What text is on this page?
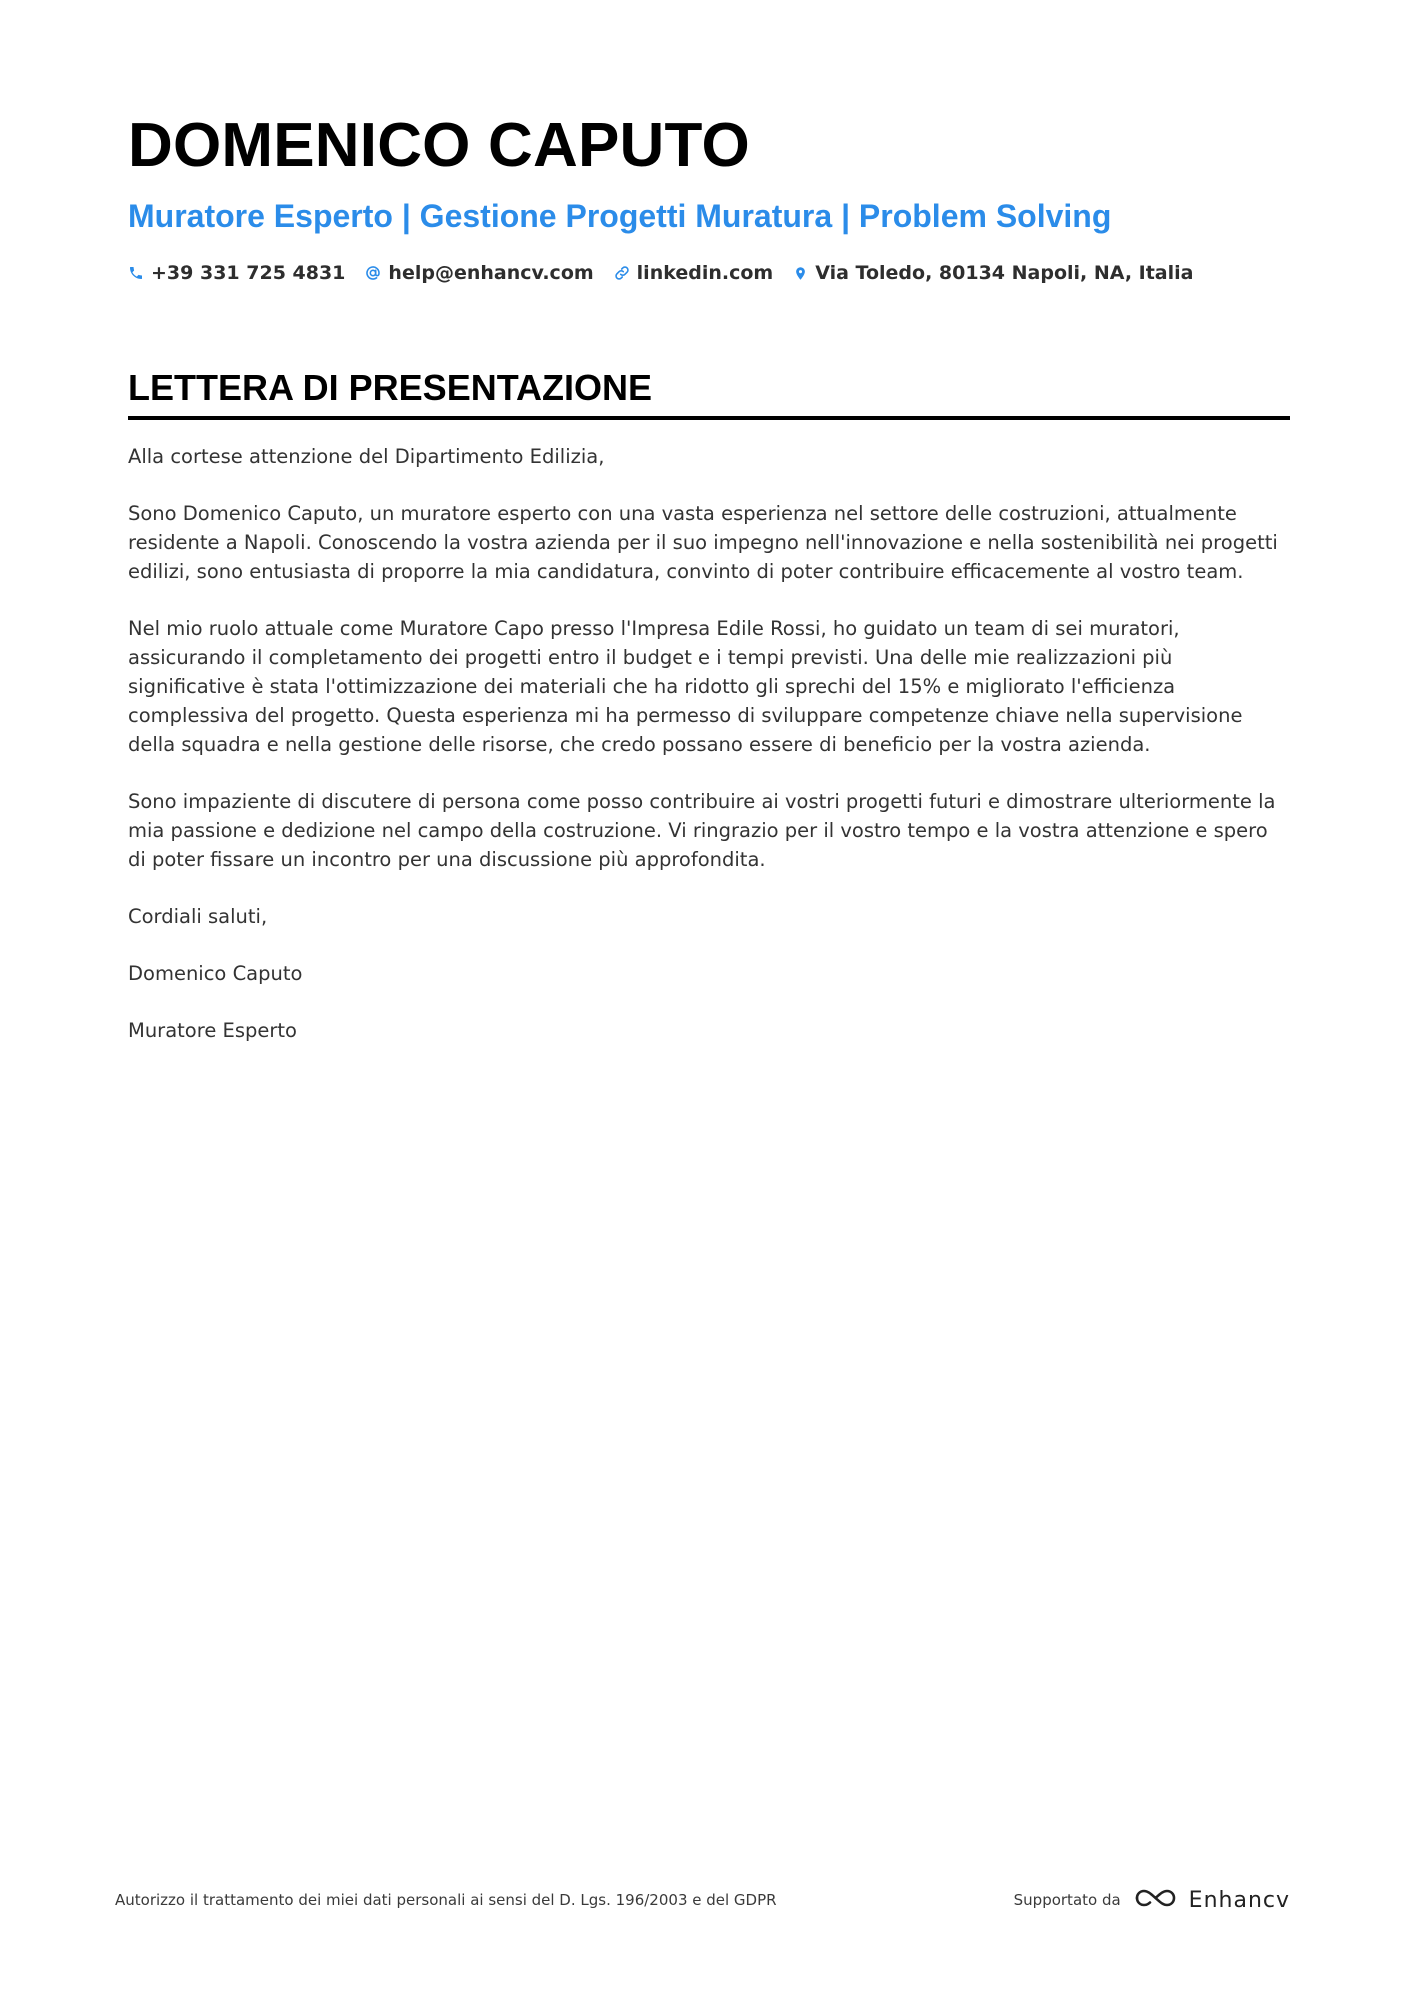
DOMENICO CAPUTO
Muratore Esperto | Gestione Progetti Muratura | Problem Solving
+39 331 725 4831 help@enhancv.com linkedin.com Via Toledo, 80134 Napoli, NA, Italia
LETTERA DI PRESENTAZIONE

Alla cortese attenzione del Dipartimento Edilizia,

Sono Domenico Caputo, un muratore esperto con una vasta esperienza nel settore delle costruzioni, attualmente residente a Napoli. Conoscendo la vostra azienda per il suo impegno nell'innovazione e nella sostenibilità nei progetti edilizi, sono entusiasta di proporre la mia candidatura, convinto di poter contribuire efficacemente al vostro team.

Nel mio ruolo attuale come Muratore Capo presso l'Impresa Edile Rossi, ho guidato un team di sei muratori, assicurando il completamento dei progetti entro il budget e i tempi previsti. Una delle mie realizzazioni più significative è stata l'ottimizzazione dei materiali che ha ridotto gli sprechi del 15% e migliorato l'efficienza complessiva del progetto. Questa esperienza mi ha permesso di sviluppare competenze chiave nella supervisione della squadra e nella gestione delle risorse, che credo possano essere di beneficio per la vostra azienda.

Sono impaziente di discutere di persona come posso contribuire ai vostri progetti futuri e dimostrare ulteriormente la mia passione e dedizione nel campo della costruzione. Vi ringrazio per il vostro tempo e la vostra attenzione e spero di poter fissare un incontro per una discussione più approfondita.

Cordiali saluti,

Domenico Caputo

Muratore Esperto

Autorizzo il trattamento dei miei dati personali ai sensi del D. Lgs. 196/2003 e del GDPR	Supportato da	Enhancv
